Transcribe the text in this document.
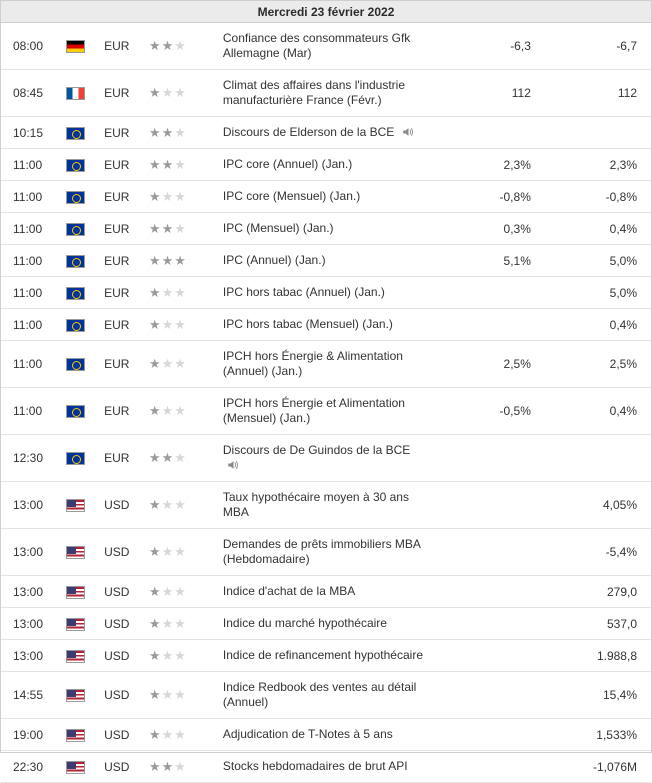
Mercredi 23 février 2022
08:00		EUR	★★★	Confiance des consommateurs Gfk Allemagne (Mar)	-6,3	-6,7
08:45		EUR	★★★	Climat des affaires dans l'industrie manufacturière France (Févr.)	112	112
10:15		EUR	★★★	Discours de Elderson de la BCE		
11:00		EUR	★★★	IPC core (Annuel) (Jan.)	2,3%	2,3%
11:00		EUR	★★★	IPC core (Mensuel) (Jan.)	-0,8%	-0,8%
11:00		EUR	★★★	IPC (Mensuel) (Jan.)	0,3%	0,4%
11:00		EUR	★★★	IPC (Annuel) (Jan.)	5,1%	5,0%
11:00		EUR	★★★	IPC hors tabac (Annuel) (Jan.)		5,0%
11:00		EUR	★★★	IPC hors tabac (Mensuel) (Jan.)		0,4%
11:00		EUR	★★★	IPCH hors Énergie & Alimentation (Annuel) (Jan.)	2,5%	2,5%
11:00		EUR	★★★	IPCH hors Énergie et Alimentation (Mensuel) (Jan.)	-0,5%	0,4%
12:30		EUR	★★★	Discours de De Guindos de la BCE		
13:00		USD	★★★	Taux hypothécaire moyen à 30 ans MBA		4,05%
13:00		USD	★★★	Demandes de prêts immobiliers MBA (Hebdomadaire)		-5,4%
13:00		USD	★★★	Indice d'achat de la MBA		279,0
13:00		USD	★★★	Indice du marché hypothécaire		537,0
13:00		USD	★★★	Indice de refinancement hypothécaire		1.988,8
14:55		USD	★★★	Indice Redbook des ventes au détail (Annuel)		15,4%
19:00		USD	★★★	Adjudication de T-Notes à 5 ans		1,533%
22:30		USD	★★★	Stocks hebdomadaires de brut API		-1,076M
